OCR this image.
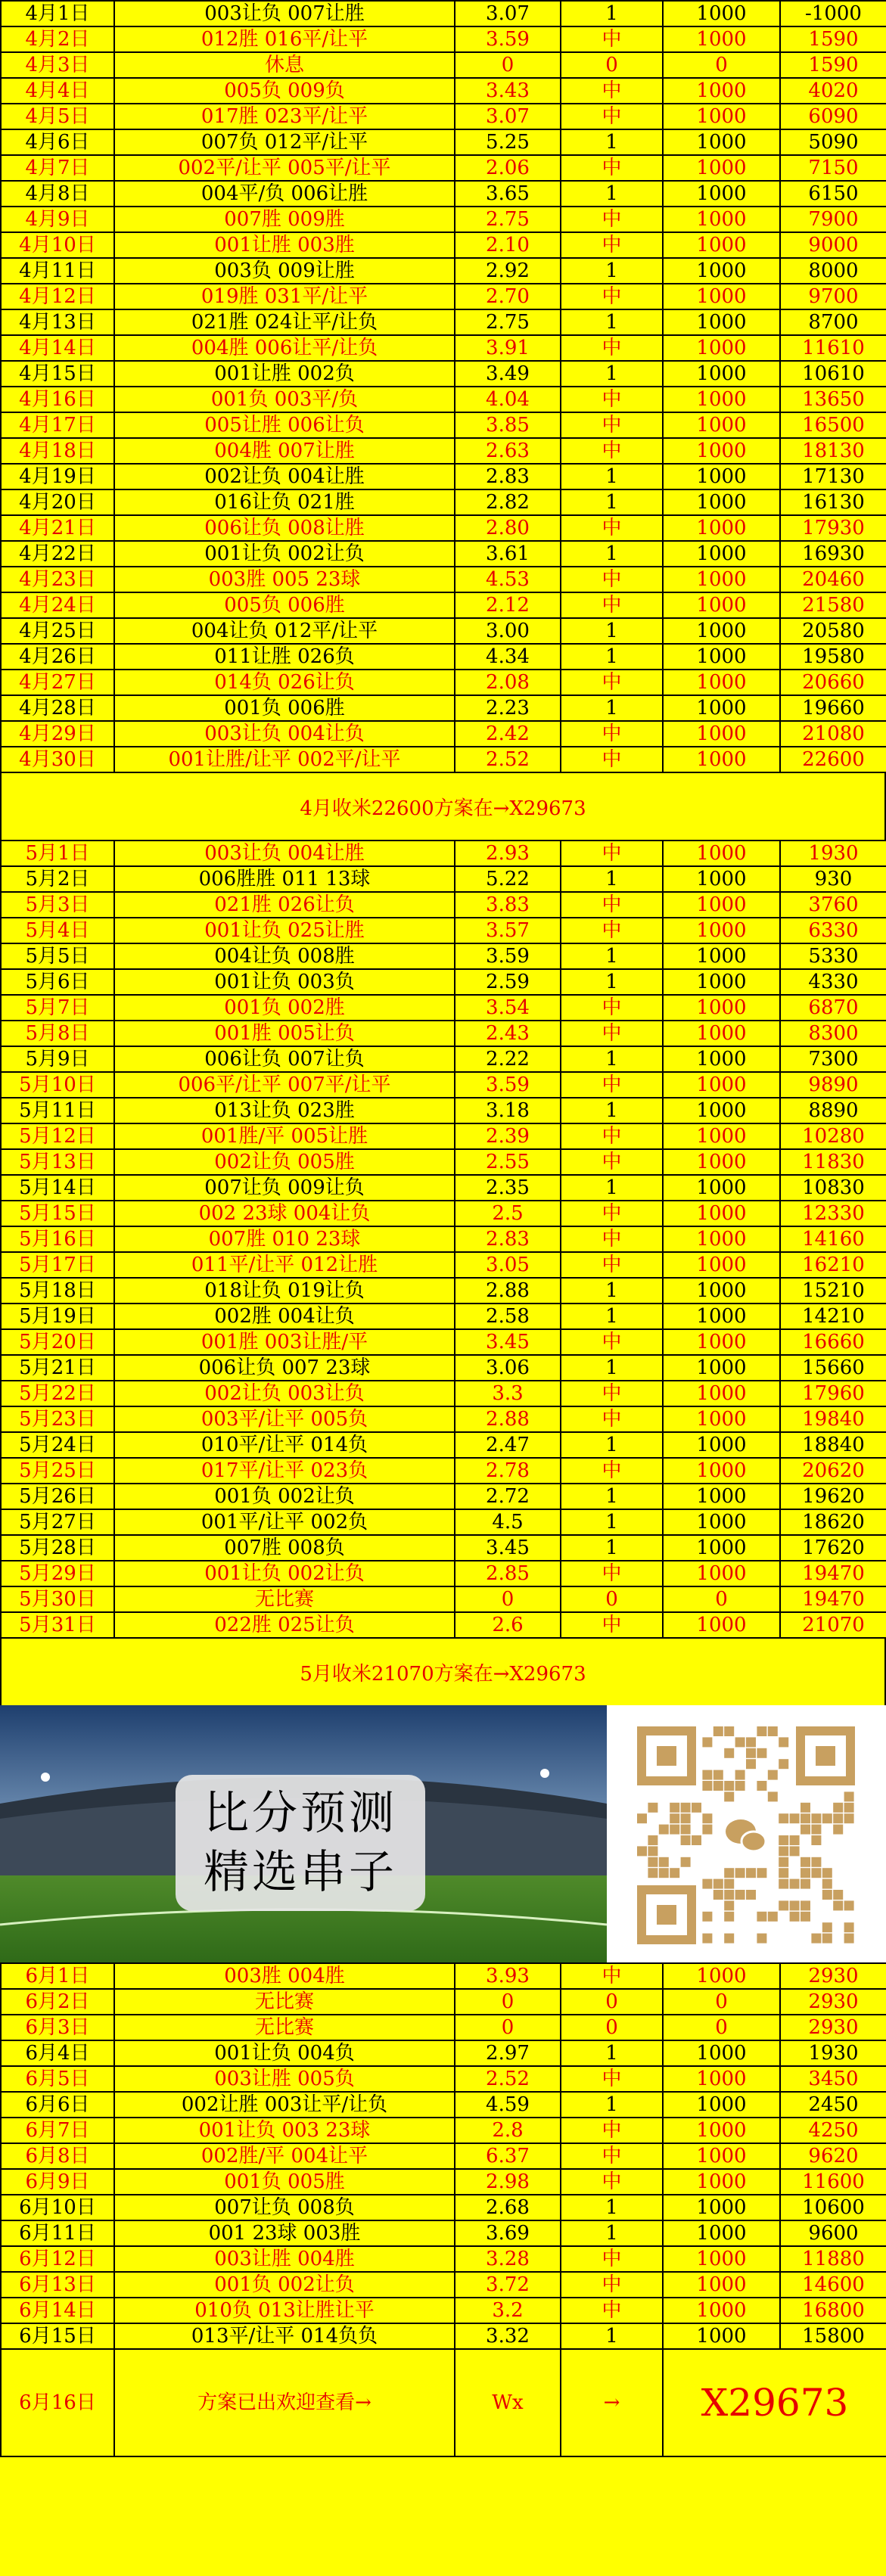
4月1日	003让负 007让胜	3.07	1	1000	-1000
4月2日	012胜 016平/让平	3.59	中	1000	1590
4月3日	休息	0	0	0	1590
4月4日	005负 009负	3.43	中	1000	4020
4月5日	017胜 023平/让平	3.07	中	1000	6090
4月6日	007负 012平/让平	5.25	1	1000	5090
4月7日	002平/让平 005平/让平	2.06	中	1000	7150
4月8日	004平/负 006让胜	3.65	1	1000	6150
4月9日	007胜 009胜	2.75	中	1000	7900
4月10日	001让胜 003胜	2.10	中	1000	9000
4月11日	003负 009让胜	2.92	1	1000	8000
4月12日	019胜 031平/让平	2.70	中	1000	9700
4月13日	021胜 024让平/让负	2.75	1	1000	8700
4月14日	004胜 006让平/让负	3.91	中	1000	11610
4月15日	001让胜 002负	3.49	1	1000	10610
4月16日	001负 003平/负	4.04	中	1000	13650
4月17日	005让胜 006让负	3.85	中	1000	16500
4月18日	004胜 007让胜	2.63	中	1000	18130
4月19日	002让负 004让胜	2.83	1	1000	17130
4月20日	016让负 021胜	2.82	1	1000	16130
4月21日	006让负 008让胜	2.80	中	1000	17930
4月22日	001让负 002让负	3.61	1	1000	16930
4月23日	003胜 005 23球	4.53	中	1000	20460
4月24日	005负 006胜	2.12	中	1000	21580
4月25日	004让负 012平/让平	3.00	1	1000	20580
4月26日	011让胜 026负	4.34	1	1000	19580
4月27日	014负 026让负	2.08	中	1000	20660
4月28日	001负 006胜	2.23	1	1000	19660
4月29日	003让负 004让负	2.42	中	1000	21080
4月30日	001让胜/让平 002平/让平	2.52	中	1000	22600
4月收米22600方案在→X29673
5月1日	003让负 004让胜	2.93	中	1000	1930
5月2日	006胜胜 011 13球	5.22	1	1000	930
5月3日	021胜 026让负	3.83	中	1000	3760
5月4日	001让负 025让胜	3.57	中	1000	6330
5月5日	004让负 008胜	3.59	1	1000	5330
5月6日	001让负 003负	2.59	1	1000	4330
5月7日	001负 002胜	3.54	中	1000	6870
5月8日	001胜 005让负	2.43	中	1000	8300
5月9日	006让负 007让负	2.22	1	1000	7300
5月10日	006平/让平 007平/让平	3.59	中	1000	9890
5月11日	013让负 023胜	3.18	1	1000	8890
5月12日	001胜/平 005让胜	2.39	中	1000	10280
5月13日	002让负 005胜	2.55	中	1000	11830
5月14日	007让负 009让负	2.35	1	1000	10830
5月15日	002 23球 004让负	2.5	中	1000	12330
5月16日	007胜 010 23球	2.83	中	1000	14160
5月17日	011平/让平 012让胜	3.05	中	1000	16210
5月18日	018让负 019让负	2.88	1	1000	15210
5月19日	002胜 004让负	2.58	1	1000	14210
5月20日	001胜 003让胜/平	3.45	中	1000	16660
5月21日	006让负 007 23球	3.06	1	1000	15660
5月22日	002让负 003让负	3.3	中	1000	17960
5月23日	003平/让平 005负	2.88	中	1000	19840
5月24日	010平/让平 014负	2.47	1	1000	18840
5月25日	017平/让平 023负	2.78	中	1000	20620
5月26日	001负 002让负	2.72	1	1000	19620
5月27日	001平/让平 002负	4.5	1	1000	18620
5月28日	007胜 008负	3.45	1	1000	17620
5月29日	001让负 002让负	2.85	中	1000	19470
5月30日	无比赛	0	0	0	19470
5月31日	022胜 025让负	2.6	中	1000	21070
5月收米21070方案在→X29673
比分预测
精选串子
6月1日	003胜 004胜	3.93	中	1000	2930
6月2日	无比赛	0	0	0	2930
6月3日	无比赛	0	0	0	2930
6月4日	001让负 004负	2.97	1	1000	1930
6月5日	003让胜 005负	2.52	中	1000	3450
6月6日	002让胜 003让平/让负	4.59	1	1000	2450
6月7日	001让负 003 23球	2.8	中	1000	4250
6月8日	002胜/平 004让平	6.37	中	1000	9620
6月9日	001负 005胜	2.98	中	1000	11600
6月10日	007让负 008负	2.68	1	1000	10600
6月11日	001 23球 003胜	3.69	1	1000	9600
6月12日	003让胜 004胜	3.28	中	1000	11880
6月13日	001负 002让负	3.72	中	1000	14600
6月14日	010负 013让胜让平	3.2	中	1000	16800
6月15日	013平/让平 014负负	3.32	1	1000	15800
6月16日	方案已出欢迎查看→	Wx	→	X29673	
